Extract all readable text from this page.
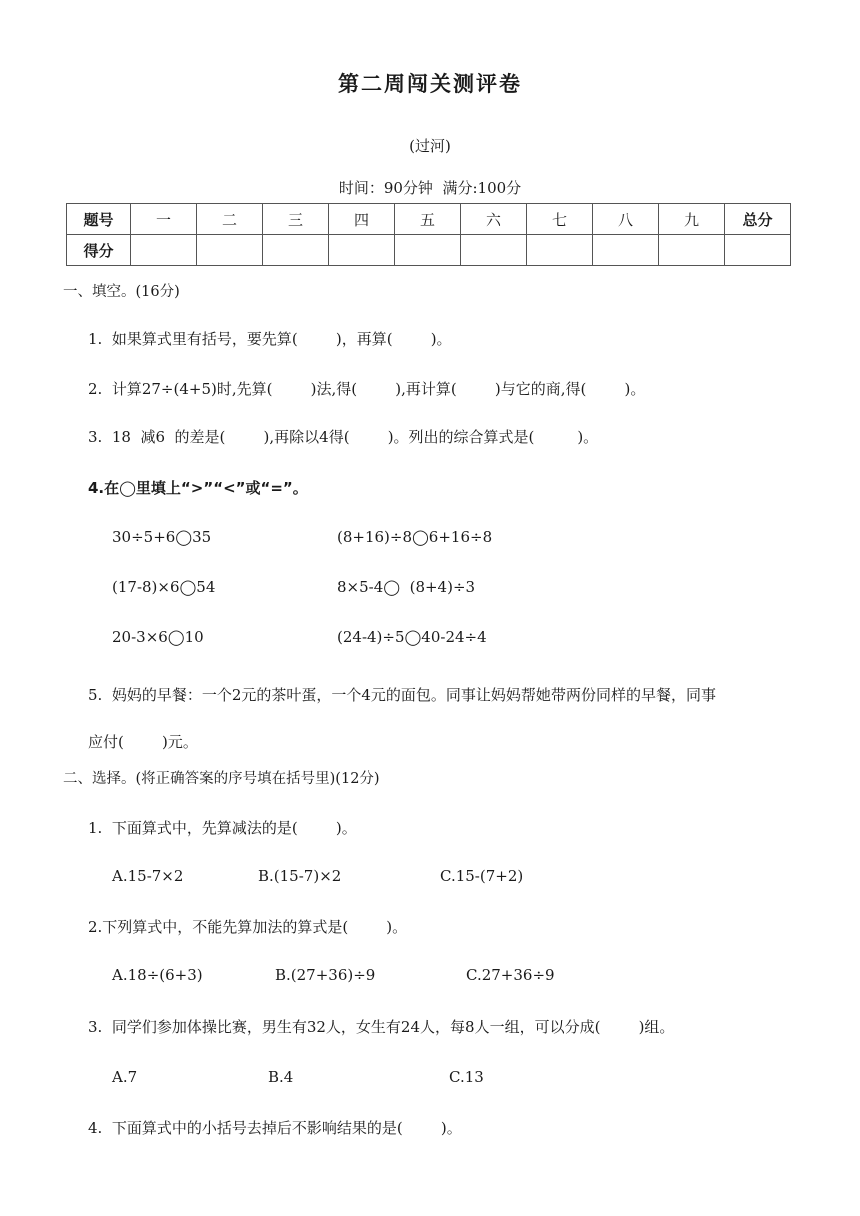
第二周闯关测评卷
(过河)
时间：90分钟  满分:100分
题号	一	二	三	四	五	六	七	八	九	总分
得分										
一、填空。(16分)
1.  如果算式里有括号，要先算(        )，再算(        )。
2.  计算27÷(4+5)时,先算(        )法,得(        ),再计算(        )与它的商,得(        )。
3.  18  减6  的差是(        ),再除以4得(        )。列出的综合算式是(         )。
4.在◯里填上“>”“<”或“=”。
30÷5+6◯35	(8+16)÷8◯6+16÷8
(17-8)×6◯54	8×5-4◯  (8+4)÷3
20-3×6◯10	(24-4)÷5◯40-24÷4
5.  妈妈的早餐：一个2元的茶叶蛋，一个4元的面包。同事让妈妈帮她带两份同样的早餐，同事
应付(        )元。
二、选择。(将正确答案的序号填在括号里)(12分)
1.  下面算式中，先算减法的是(        )。
A.15-7×2	B.(15-7)×2	C.15-(7+2)
2.下列算式中，不能先算加法的算式是(        )。
A.18÷(6+3)	B.(27+36)÷9	C.27+36÷9
3.  同学们参加体操比赛，男生有32人，女生有24人，每8人一组，可以分成(        )组。
A.7	B.4	C.13
4.  下面算式中的小括号去掉后不影响结果的是(        )。
